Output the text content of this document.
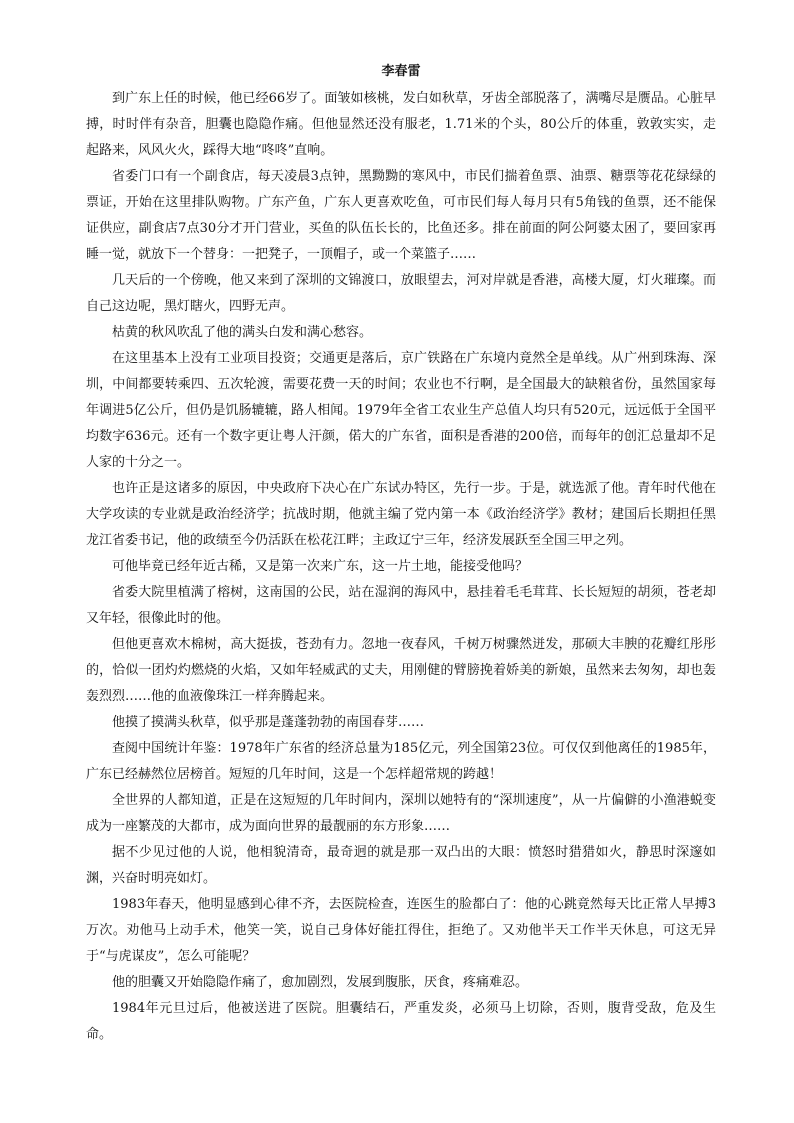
李春雷

到广东上任的时候，他已经66岁了。面皱如核桃，发白如秋草，牙齿全部脱落了，满嘴尽是赝品。心脏早搏，时时伴有杂音，胆囊也隐隐作痛。但他显然还没有服老，1.71米的个头，80公斤的体重，敦敦实实，走起路来，风风火火，踩得大地“咚咚”直响。

省委门口有一个副食店，每天凌晨3点钟，黑黝黝的寒风中，市民们揣着鱼票、油票、糖票等花花绿绿的票证，开始在这里排队购物。广东产鱼，广东人更喜欢吃鱼，可市民们每人每月只有5角钱的鱼票，还不能保证供应，副食店7点30分才开门营业，买鱼的队伍长长的，比鱼还多。排在前面的阿公阿婆太困了，要回家再睡一觉，就放下一个替身：一把凳子，一顶帽子，或一个菜篮子……

几天后的一个傍晚，他又来到了深圳的文锦渡口，放眼望去，河对岸就是香港，高楼大厦，灯火璀璨。而自己这边呢，黑灯瞎火，四野无声。

枯黄的秋风吹乱了他的满头白发和满心愁容。

在这里基本上没有工业项目投资；交通更是落后，京广铁路在广东境内竟然全是单线。从广州到珠海、深圳，中间都要转乘四、五次轮渡，需要花费一天的时间；农业也不行啊，是全国最大的缺粮省份，虽然国家每年调进5亿公斤，但仍是饥肠辘辘，路人相闻。1979年全省工农业生产总值人均只有520元，远远低于全国平均数字636元。还有一个数字更让粤人汗颜，偌大的广东省，面积是香港的200倍，而每年的创汇总量却不足人家的十分之一。

也许正是这诸多的原因，中央政府下决心在广东试办特区，先行一步。于是，就选派了他。青年时代他在大学攻读的专业就是政治经济学；抗战时期，他就主编了党内第一本《政治经济学》教材；建国后长期担任黑龙江省委书记，他的政绩至今仍活跃在松花江畔；主政辽宁三年，经济发展跃至全国三甲之列。

可他毕竟已经年近古稀，又是第一次来广东，这一片土地，能接受他吗？

省委大院里植满了榕树，这南国的公民，站在湿润的海风中，悬挂着毛毛茸茸、长长短短的胡须，苍老却又年轻，很像此时的他。

但他更喜欢木棉树，高大挺拔，苍劲有力。忽地一夜春风，千树万树骤然迸发，那硕大丰腴的花瓣红彤彤的，恰似一团灼灼燃烧的火焰，又如年轻威武的丈夫，用刚健的臂膀挽着娇美的新娘，虽然来去匆匆，却也轰轰烈烈……他的血液像珠江一样奔腾起来。

他摸了摸满头秋草，似乎那是蓬蓬勃勃的南国春芽……

查阅中国统计年鉴：1978年广东省的经济总量为185亿元，列全国第23位。可仅仅到他离任的1985年，广东已经赫然位居榜首。短短的几年时间，这是一个怎样超常规的跨越！

全世界的人都知道，正是在这短短的几年时间内，深圳以她特有的“深圳速度”，从一片偏僻的小渔港蜕变成为一座繁茂的大都市，成为面向世界的最靓丽的东方形象……

据不少见过他的人说，他相貌清奇，最奇迥的就是那一双凸出的大眼：愤怒时猎猎如火，静思时深邃如渊，兴奋时明亮如灯。

1983年春天，他明显感到心律不齐，去医院检查，连医生的脸都白了：他的心跳竟然每天比正常人早搏3万次。劝他马上动手术，他笑一笑，说自己身体好能扛得住，拒绝了。又劝他半天工作半天休息，可这无异于“与虎谋皮”，怎么可能呢？

他的胆囊又开始隐隐作痛了，愈加剧烈，发展到腹胀，厌食，疼痛难忍。

1984年元旦过后，他被送进了医院。胆囊结石，严重发炎，必须马上切除，否则，腹背受敌，危及生命。
